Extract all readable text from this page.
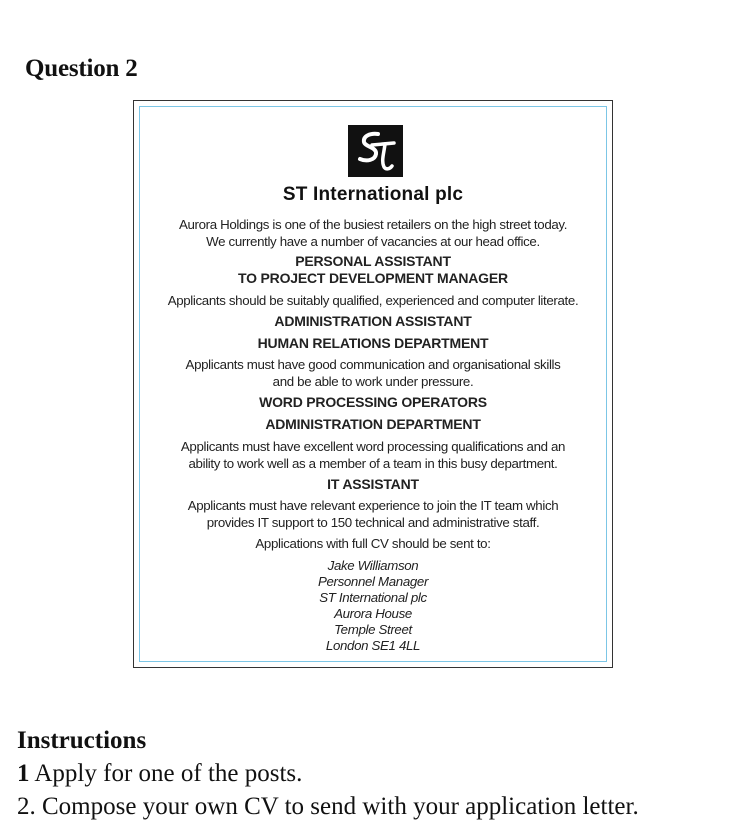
Question 2
ST International plc
Aurora Holdings is one of the busiest retailers on the high street today.
We currently have a number of vacancies at our head office.
PERSONAL ASSISTANT
TO PROJECT DEVELOPMENT MANAGER
Applicants should be suitably qualified, experienced and computer literate.
ADMINISTRATION ASSISTANT
HUMAN RELATIONS DEPARTMENT
Applicants must have good communication and organisational skills
and be able to work under pressure.
WORD PROCESSING OPERATORS
ADMINISTRATION DEPARTMENT
Applicants must have excellent word processing qualifications and an
ability to work well as a member of a team in this busy department.
IT ASSISTANT
Applicants must have relevant experience to join the IT team which
provides IT support to 150 technical and administrative staff.
Applications with full CV should be sent to:
Jake Williamson
Personnel Manager
ST International plc
Aurora House
Temple Street
London SE1 4LL
Instructions
1 Apply for one of the posts.
2. Compose your own CV to send with your application letter.
